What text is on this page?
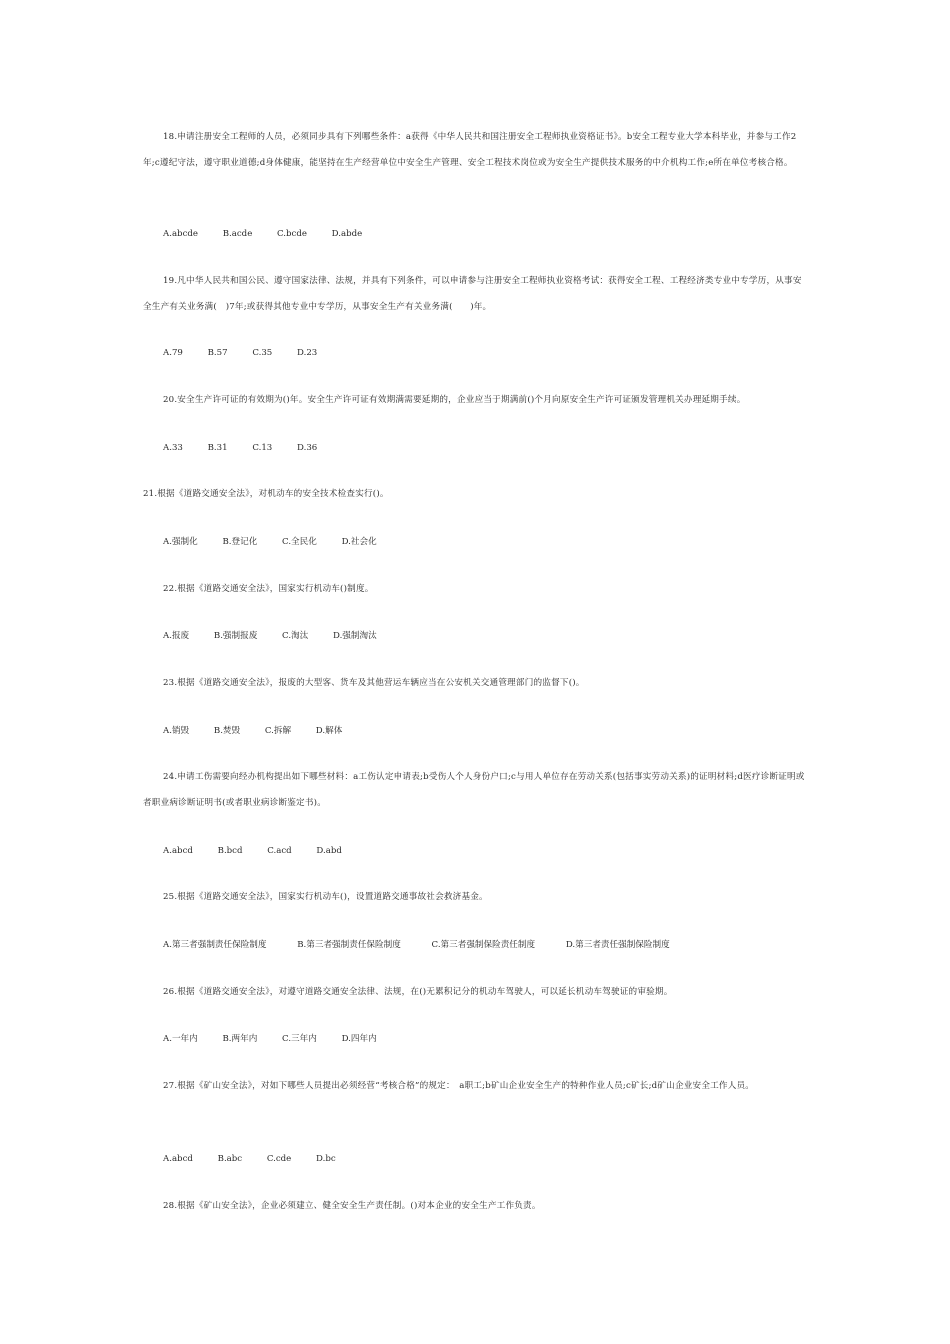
18.申请注册安全工程师的人员，必须同步具有下列哪些条件：a获得《中华人民共和国注册安全工程师执业资格证书》。b安全工程专业大学本科毕业，并参与工作2年;c遵纪守法，遵守职业道德;d身体健康，能坚持在生产经营单位中安全生产管理、安全工程技术岗位或为安全生产提供技术服务的中介机构工作;e所在单位考核合格。

A.abcde	B.acde	C.bcde	D.abde

19.凡中华人民共和国公民、遵守国家法律、法规，并具有下列条件，可以申请参与注册安全工程师执业资格考试：获得安全工程、工程经济类专业中专学历，从事安全生产有关业务满(　)7年;或获得其他专业中专学历，从事安全生产有关业务满(　　)年。

A.79	B.57	C.35	D.23

20.安全生产许可证的有效期为()年。安全生产许可证有效期满需要延期的，企业应当于期满前()个月向原安全生产许可证颁发管理机关办理延期手续。

A.33	B.31	C.13	D.36

21.根据《道路交通安全法》，对机动车的安全技术检查实行()。

A.强制化	B.登记化	C.全民化	D.社会化

22.根据《道路交通安全法》，国家实行机动车()制度。

A.报废	B.强制报废	C.淘汰	D.强制淘汰

23.根据《道路交通安全法》，报废的大型客、货车及其他营运车辆应当在公安机关交通管理部门的监督下()。

A.销毁	B.焚毁	C.拆解	D.解体

24.申请工伤需要向经办机构提出如下哪些材料：a工伤认定申请表;b受伤人个人身份户口;c与用人单位存在劳动关系(包括事实劳动关系)的证明材料;d医疗诊断证明或者职业病诊断证明书(或者职业病诊断鉴定书)。

A.abcd	B.bcd	C.acd	D.abd

25.根据《道路交通安全法》，国家实行机动车()，设置道路交通事故社会救济基金。

A.第三者强制责任保险制度	B.第三者强制责任保险制度	C.第三者强制保险责任制度	D.第三者责任强制保险制度

26.根据《道路交通安全法》，对遵守道路交通安全法律、法规，在()无累积记分的机动车驾驶人，可以延长机动车驾驶证的审验期。

A.一年内	B.两年内	C.三年内	D.四年内

27.根据《矿山安全法》，对如下哪些人员提出必须经营“考核合格”的规定：　a职工;b矿山企业安全生产的特种作业人员;c矿长;d矿山企业安全工作人员。

A.abcd	B.abc	C.cde	D.bc

28.根据《矿山安全法》，企业必须建立、健全安全生产责任制。()对本企业的安全生产工作负责。
